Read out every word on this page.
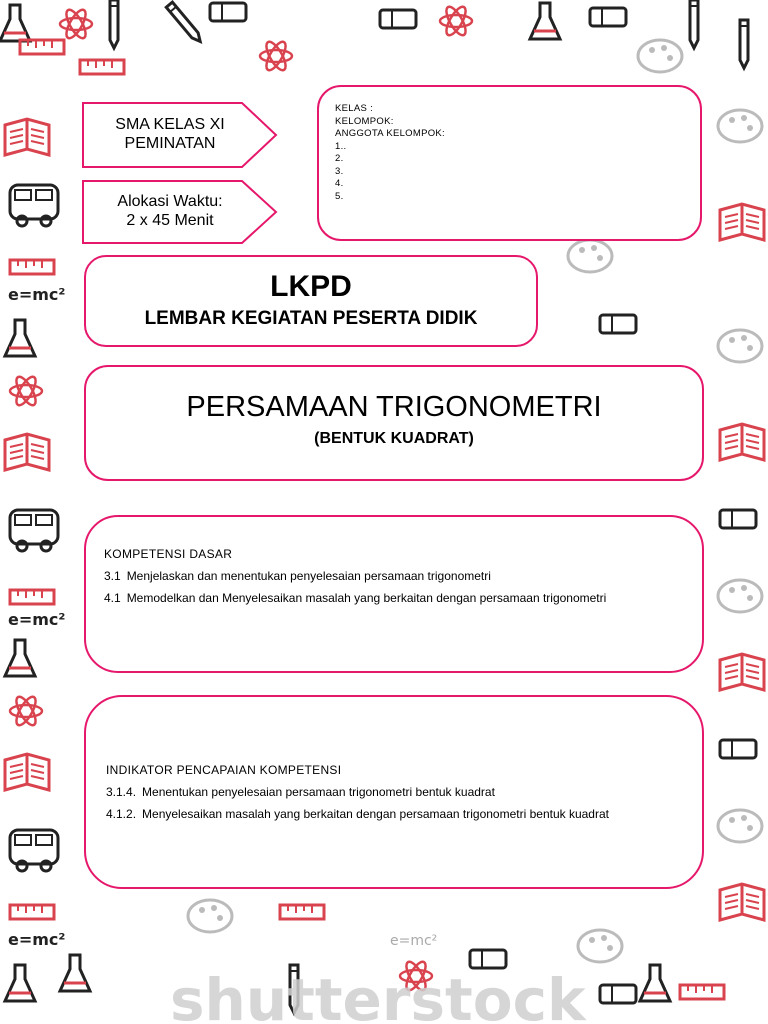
e=mc²
e=mc²
e=mc²	e=mc²
shutterstock
SMA KELAS XI
PEMINATAN
Alokasi Waktu:
2 x 45 Menit
KELAS :
KELOMPOK:
ANGGOTA KELOMPOK:
1..
2.
3.
4.
5.
LKPD
LEMBAR KEGIATAN PESERTA DIDIK
PERSAMAAN TRIGONOMETRI
(BENTUK KUADRAT)
KOMPETENSI DASAR
3.1 Menjelaskan dan menentukan penyelesaian persamaan trigonometri
4.1 Memodelkan dan Menyelesaikan masalah yang berkaitan dengan persamaan trigonometri
INDIKATOR PENCAPAIAN KOMPETENSI
3.1.4. Menentukan penyelesaian persamaan trigonometri bentuk kuadrat
4.1.2. Menyelesaikan masalah yang berkaitan dengan persamaan trigonometri bentuk kuadrat
